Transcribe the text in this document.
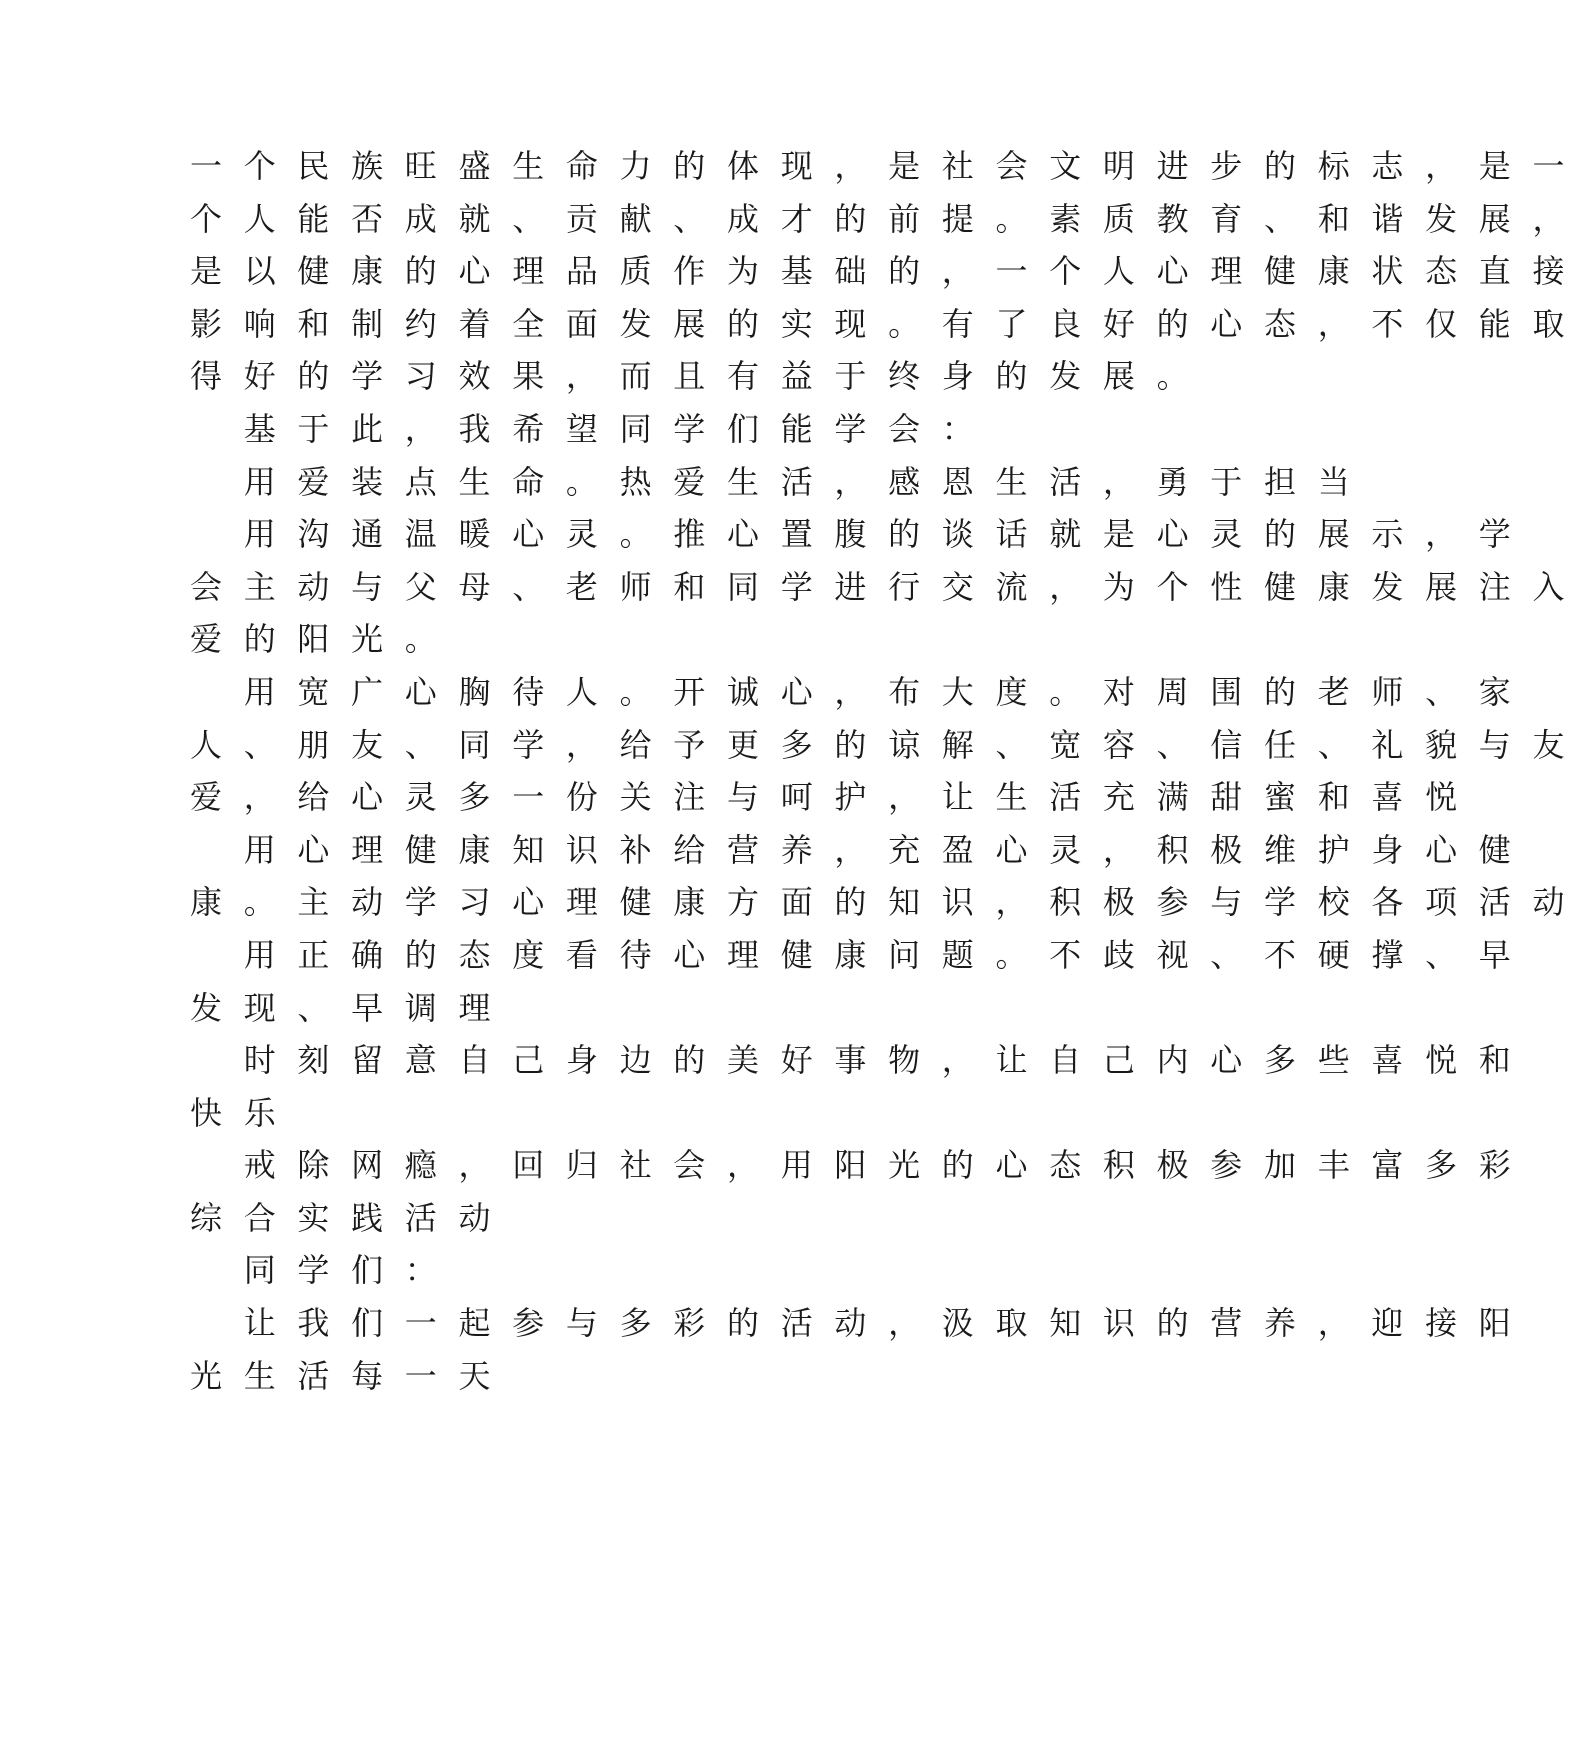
一个民族旺盛生命力的体现，是社会文明进步的标志，是一
个人能否成就、贡献、成才的前提。素质教育、和谐发展，
是以健康的心理品质作为基础的，一个人心理健康状态直接
影响和制约着全面发展的实现。有了良好的心态，不仅能取
得好的学习效果，而且有益于终身的发展。
基于此，我希望同学们能学会：
用爱装点生命。热爱生活，感恩生活，勇于担当
用沟通温暖心灵。推心置腹的谈话就是心灵的展示，学
会主动与父母、老师和同学进行交流，为个性健康发展注入
爱的阳光。
用宽广心胸待人。开诚心，布大度。对周围的老师、家
人、朋友、同学，给予更多的谅解、宽容、信任、礼貌与友
爱，给心灵多一份关注与呵护，让生活充满甜蜜和喜悦
用心理健康知识补给营养，充盈心灵，积极维护身心健
康。主动学习心理健康方面的知识，积极参与学校各项活动
用正确的态度看待心理健康问题。不歧视、不硬撑、早
发现、早调理
时刻留意自己身边的美好事物，让自己内心多些喜悦和
快乐
戒除网瘾，回归社会，用阳光的心态积极参加丰富多彩
综合实践活动
同学们：
让我们一起参与多彩的活动，汲取知识的营养，迎接阳
光生活每一天
